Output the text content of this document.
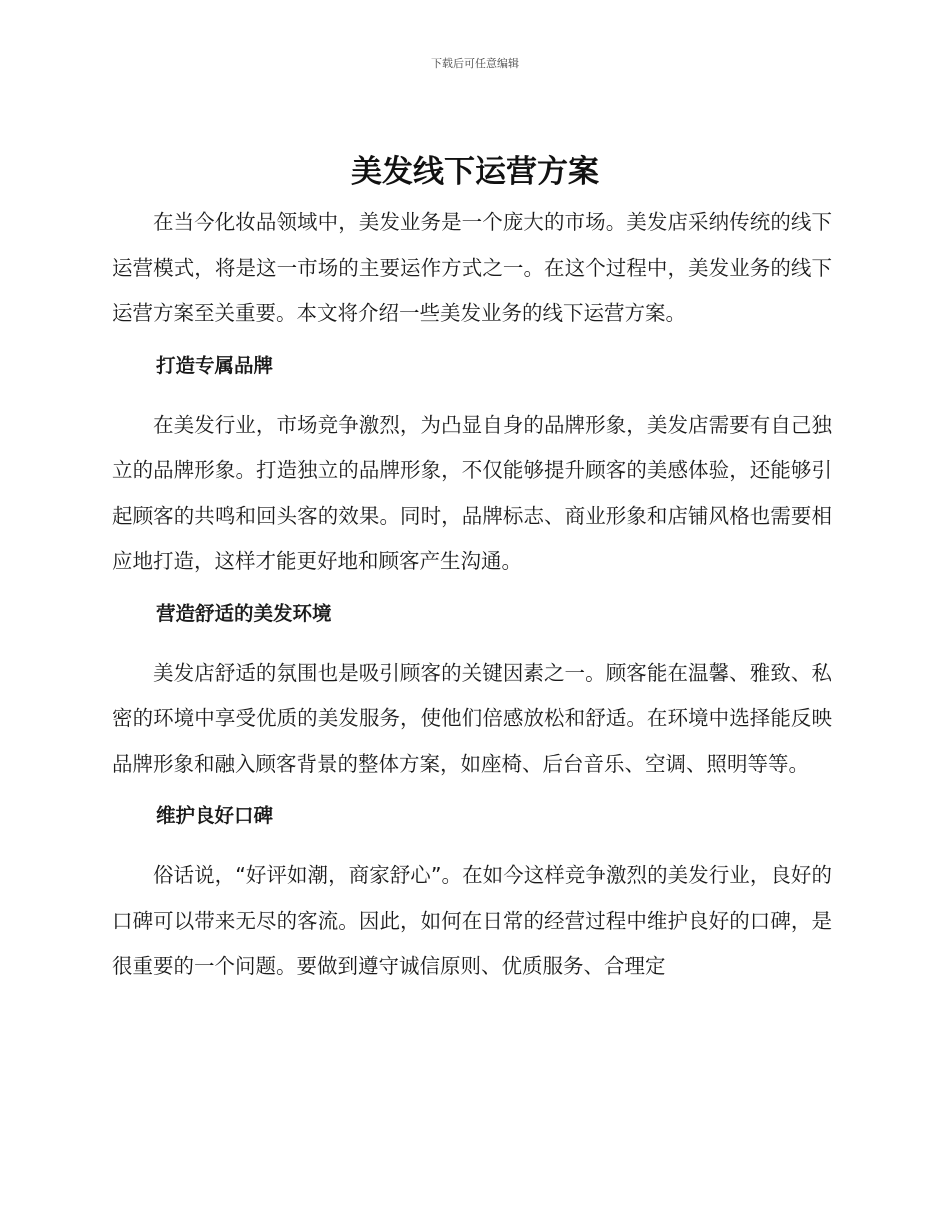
下载后可任意编辑
美发线下运营方案

在当今化妆品领域中，美发业务是一个庞大的市场。美发店采纳传统的线下运营模式，将是这一市场的主要运作方式之一。在这个过程中，美发业务的线下运营方案至关重要。本文将介绍一些美发业务的线下运营方案。

打造专属品牌

在美发行业，市场竞争激烈，为凸显自身的品牌形象，美发店需要有自己独立的品牌形象。打造独立的品牌形象，不仅能够提升顾客的美感体验，还能够引起顾客的共鸣和回头客的效果。同时，品牌标志、商业形象和店铺风格也需要相应地打造，这样才能更好地和顾客产生沟通。

营造舒适的美发环境

美发店舒适的氛围也是吸引顾客的关键因素之一。顾客能在温馨、雅致、私密的环境中享受优质的美发服务，使他们倍感放松和舒适。在环境中选择能反映品牌形象和融入顾客背景的整体方案，如座椅、后台音乐、空调、照明等等。

维护良好口碑

俗话说，“好评如潮，商家舒心”。在如今这样竞争激烈的美发行业，良好的口碑可以带来无尽的客流。因此，如何在日常的经营过程中维护良好的口碑，是很重要的一个问题。要做到遵守诚信原则、优质服务、合理定
